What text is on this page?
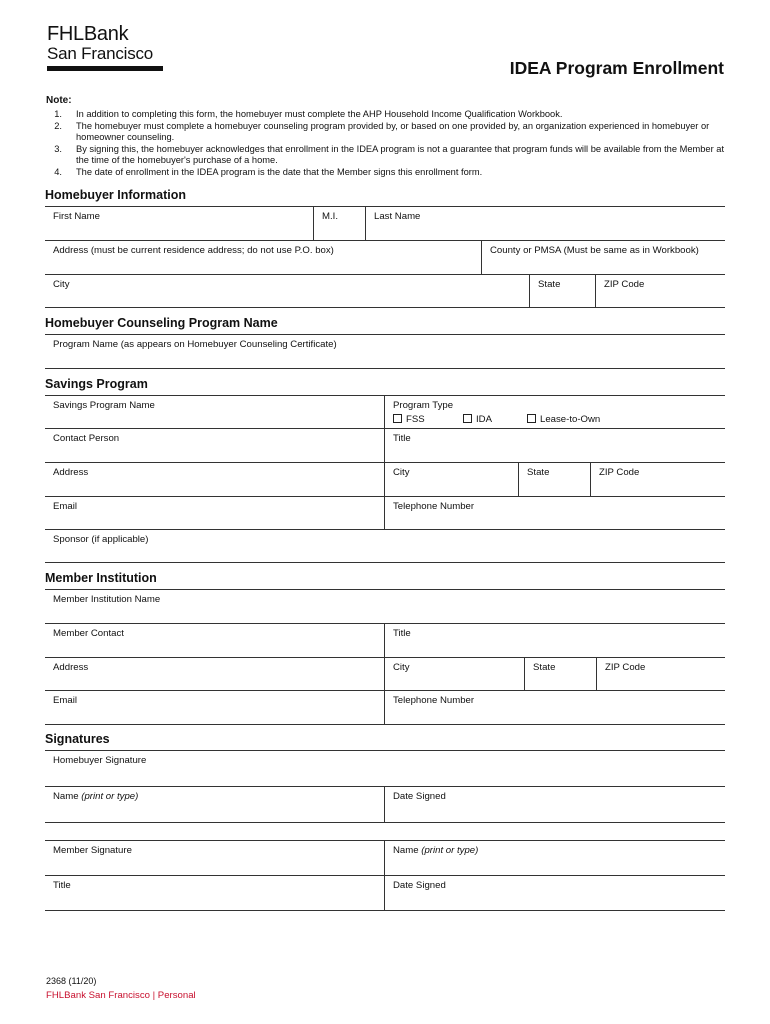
FHLBank
San Francisco
IDEA Program Enrollment
Note:
1.	In addition to completing this form, the homebuyer must complete the AHP Household Income Qualification Workbook.
2.	The homebuyer must complete a homebuyer counseling program provided by, or based on one provided by, an organization experienced in homebuyer or homeowner counseling.
3.	By signing this, the homebuyer acknowledges that enrollment in the IDEA program is not a guarantee that program funds will be available from the Member at the time of the homebuyer's purchase of a home.
4.	The date of enrollment in the IDEA program is the date that the Member signs this enrollment form.
Homebuyer Information
First Name	M.I.	Last Name
Address (must be current residence address; do not use P.O. box)	County or PMSA (Must be same as in Workbook)
City	State	ZIP Code
Homebuyer Counseling Program Name
Program Name (as appears on Homebuyer Counseling Certificate)
Savings Program
Savings Program Name	Program Type
FSS	IDA	Lease-to-Own
Contact Person	Title
Address	City	State	ZIP Code
Email	Telephone Number
Sponsor (if applicable)
Member Institution
Member Institution Name
Member Contact	Title
Address	City	State	ZIP Code
Email	Telephone Number
Signatures
Homebuyer Signature
Name (print or type)	Date Signed
Member Signature	Name (print or type)
Title	Date Signed
2368 (11/20)
FHLBank San Francisco | Personal
